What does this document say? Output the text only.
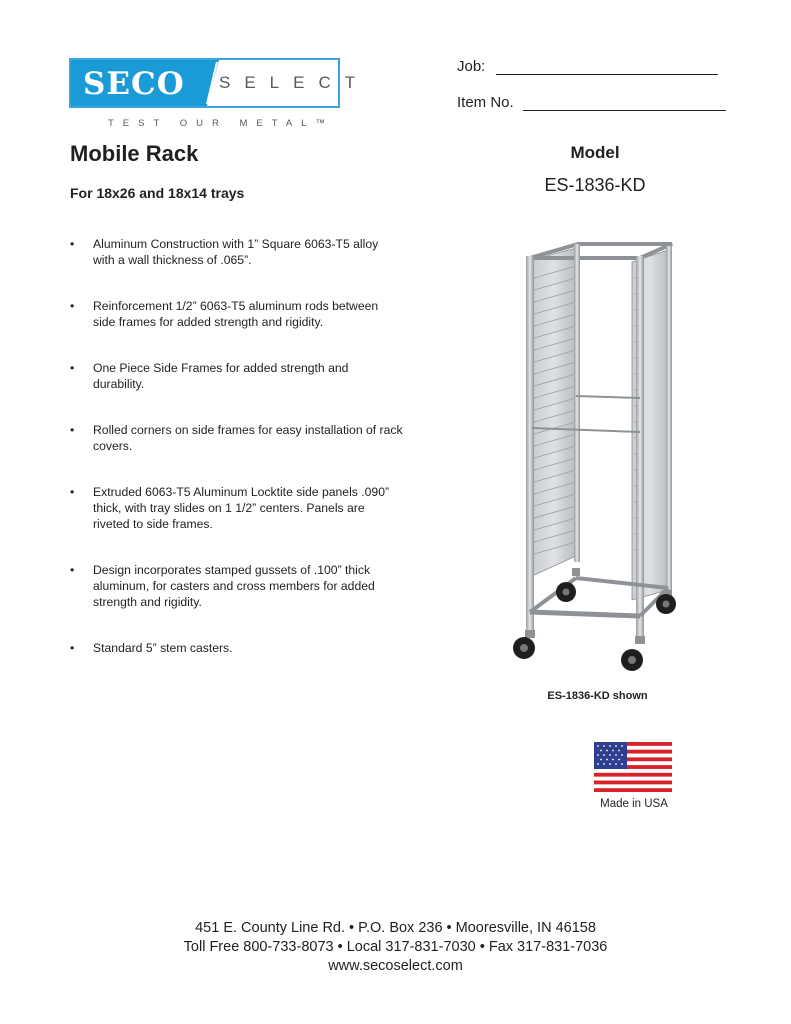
SECO SELECT
TEST OUR METAL™
Job:
Item No.
Mobile Rack
For 18x26 and 18x14 trays
Model
ES-1836-KD
• Aluminum Construction with 1” Square 6063-T5 alloy with a wall thickness of .065”.
• Reinforcement 1/2” 6063-T5 aluminum rods between side frames for added strength and rigidity.
• One Piece Side Frames for added strength and durability.
• Rolled corners on side frames for easy installation of rack covers.
• Extruded 6063-T5 Aluminum Locktite side panels .090” thick, with tray slides on 1 1/2” centers. Panels are riveted to side frames.
• Design incorporates stamped gussets of .100” thick aluminum, for casters and cross members for added strength and rigidity.
• Standard 5” stem casters.
ES-1836-KD shown
Made in USA
451 E. County Line Rd. • P.O. Box 236 • Mooresville, IN 46158
Toll Free 800-733-8073 • Local 317-831-7030 • Fax 317-831-7036
www.secoselect.com
